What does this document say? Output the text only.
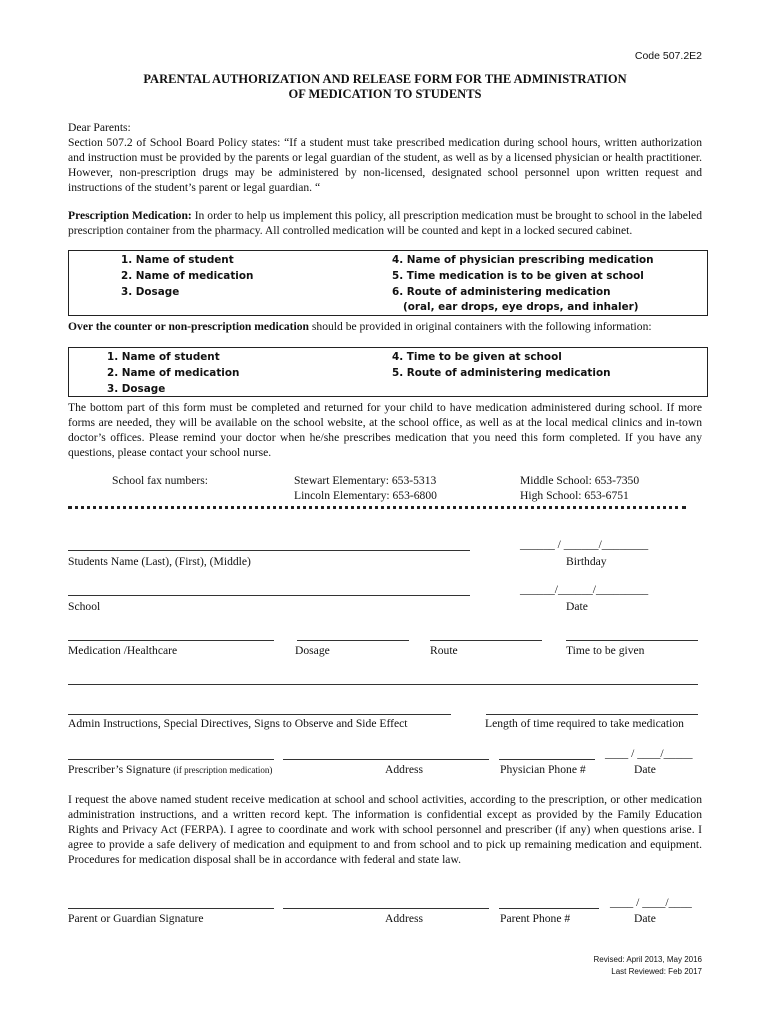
Code 507.2E2
PARENTAL AUTHORIZATION AND RELEASE FORM FOR THE ADMINISTRATION
OF MEDICATION TO STUDENTS
Dear Parents:
Section 507.2 of School Board Policy states: “If a student must take prescribed medication during school hours, written authorization and instruction must be provided by the parents or legal guardian of the student, as well as by a licensed physician or health practitioner. However, non-prescription drugs may be administered by non-licensed, designated school personnel upon written request and instructions of the student’s parent or legal guardian. “
Prescription Medication: In order to help us implement this policy, all prescription medication must be brought to school in the labeled prescription container from the pharmacy. All controlled medication will be counted and kept in a locked secured cabinet.
1. Name of student
2. Name of medication
3. Dosage
4. Name of physician prescribing medication
5. Time medication is to be given at school
6. Route of administering medication
(oral, ear drops, eye drops, and inhaler)
Over the counter or non-prescription medication should be provided in original containers with the following information:
1. Name of student
2. Name of medication
3. Dosage
4. Time to be given at school
5. Route of administering medication
The bottom part of this form must be completed and returned for your child to have medication administered during school. If more forms are needed, they will be available on the school website, at the school office, as well as at the local medical clinics and in-town doctor’s offices. Please remind your doctor when he/she prescribes medication that you need this form completed. If you have any questions, please contact your school nurse.
School fax numbers:	Stewart Elementary: 653-5313
Lincoln Elementary: 653-6800
Middle School: 653-7350
High School: 653-6751
Students Name (Last), (First), (Middle)
______ / ______/________
Birthday
School
______/______/_________
Date
Medication /Healthcare	Dosage	Route	Time to be given
Admin Instructions, Special Directives, Signs to Observe and Side Effect	Length of time required to take medication
____ / ____/_____
Prescriber’s Signature (if prescription medication)	Address	Physician Phone #	Date
I request the above named student receive medication at school and school activities, according to the prescription, or other medication administration instructions, and a written record kept. The information is confidential except as provided by the Family Education Rights and Privacy Act (FERPA). I agree to coordinate and work with school personnel and prescriber (if any) when questions arise. I agree to provide a safe delivery of medication and equipment to and from school and to pick up remaining medication and equipment. Procedures for medication disposal shall be in accordance with federal and state law.
____ / ____/____
Parent or Guardian Signature	Address	Parent Phone #	Date
Revised: April 2013, May 2016
Last Reviewed: Feb 2017
